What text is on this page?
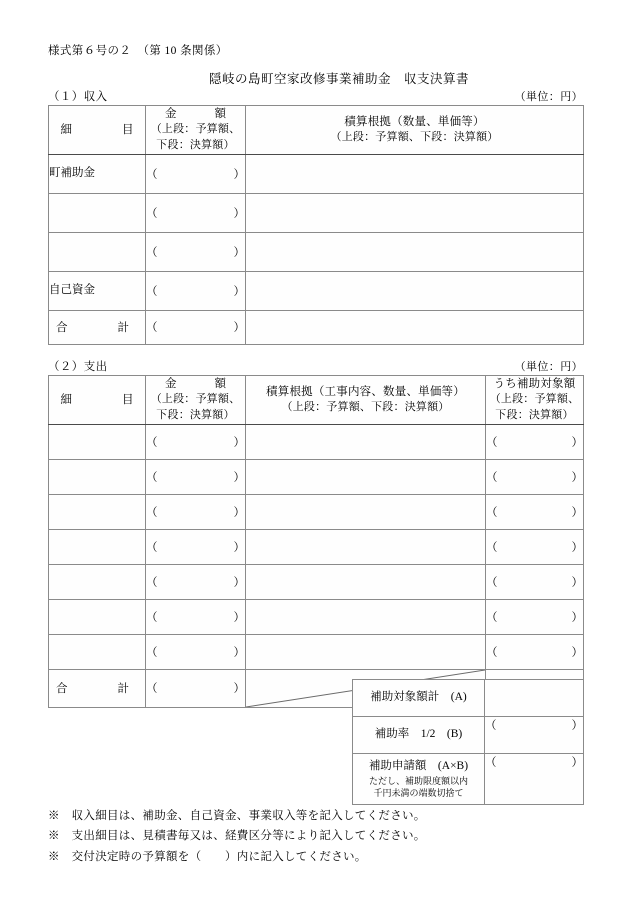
様式第６号の２　（第 10 条関係）
隠岐の島町空家改修事業補助金　収支決算書
（１）収入	（単位：円）
細　　目	金　　額
（上段：予算額、
下段：決算額）	積算根拠（数量、単価等）
（上段：予算額、下段：決算額）

町補助金	（ ）	

	（ ）	

	（ ）	

自己資金	（ ）	

合　　計	（ ）	

（２）支出	（単位：円）
細　　目	金　　額
（上段：予算額、
下段：決算額）	積算根拠（工事内容、数量、単価等）
（上段：予算額、下段：決算額）	うち補助対象額
（上段：予算額、
下段：決算額）

	（ ）		（ ）

	（ ）		（ ）

	（ ）		（ ）

	（ ）		（ ）

	（ ）		（ ）

	（ ）		（ ）

	（ ）		（ ）

合　　計	（ ）

補助対象額計　(A)	
補助率　1/2　(B)	（ ）

補助申請額　(A×B)
ただし、補助限度額以内
千円未満の端数切捨て	（ ）
※　収入細目は、補助金、自己資金、事業収入等を記入してください。
※　支出細目は、見積書毎又は、経費区分等により記入してください。
※　交付決定時の予算額を（　　）内に記入してください。
